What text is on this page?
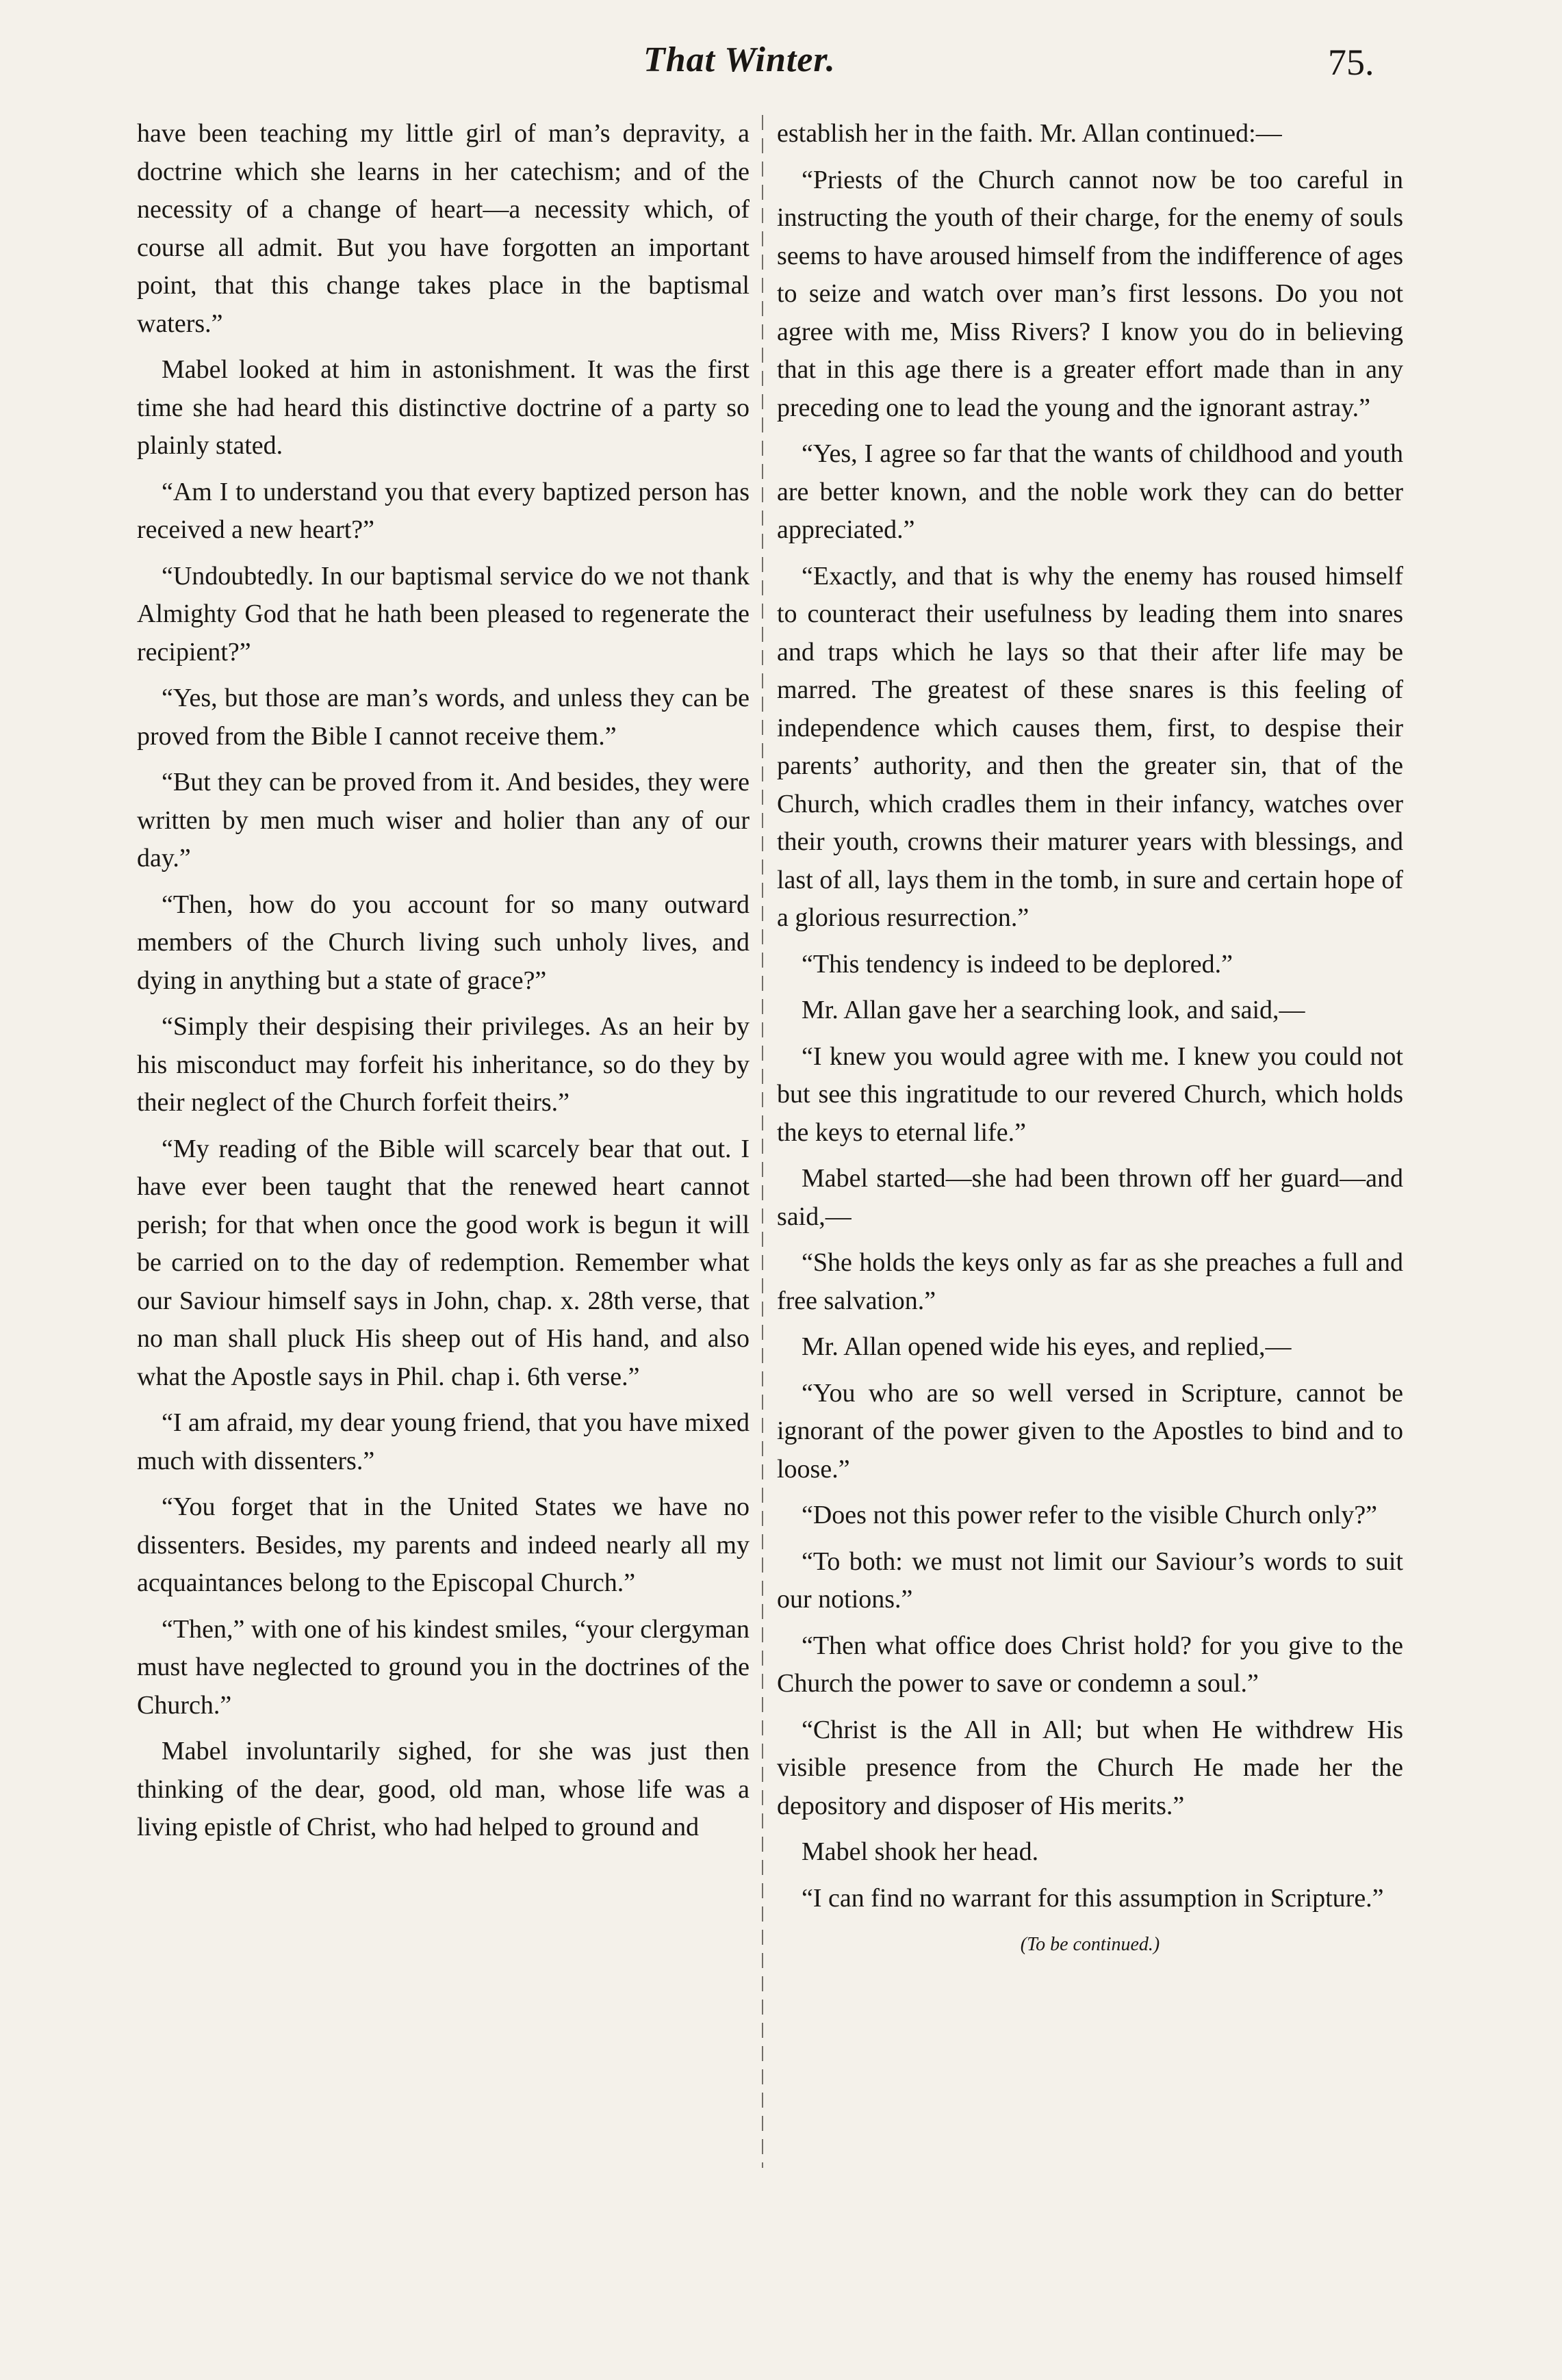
That Winter.	75.

have been teaching my little girl of man’s depravity, a doctrine which she learns in her catechism; and of the necessity of a change of heart—a necessity which, of course all admit. But you have forgotten an important point, that this change takes place in the baptismal waters.”

Mabel looked at him in astonishment. It was the first time she had heard this distinctive doctrine of a party so plainly stated.

“Am I to understand you that every baptized person has received a new heart?”

“Undoubtedly. In our baptismal service do we not thank Almighty God that he hath been pleased to regenerate the recipient?”

“Yes, but those are man’s words, and unless they can be proved from the Bible I cannot receive them.”

“But they can be proved from it. And besides, they were written by men much wiser and holier than any of our day.”

“Then, how do you account for so many outward members of the Church living such unholy lives, and dying in anything but a state of grace?”

“Simply their despising their privileges. As an heir by his misconduct may forfeit his inheritance, so do they by their neglect of the Church forfeit theirs.”

“My reading of the Bible will scarcely bear that out. I have ever been taught that the renewed heart cannot perish; for that when once the good work is begun it will be carried on to the day of redemption. Remember what our Saviour himself says in John, chap. x. 28th verse, that no man shall pluck His sheep out of His hand, and also what the Apostle says in Phil. chap i. 6th verse.”

“I am afraid, my dear young friend, that you have mixed much with dissenters.”

“You forget that in the United States we have no dissenters. Besides, my parents and indeed nearly all my acquaintances belong to the Episcopal Church.”

“Then,” with one of his kindest smiles, “your clergyman must have neglected to ground you in the doctrines of the Church.”

Mabel involuntarily sighed, for she was just then thinking of the dear, good, old man, whose life was a living epistle of Christ, who had helped to ground and

establish her in the faith. Mr. Allan continued:—

“Priests of the Church cannot now be too careful in instructing the youth of their charge, for the enemy of souls seems to have aroused himself from the indifference of ages to seize and watch over man’s first lessons. Do you not agree with me, Miss Rivers? I know you do in believing that in this age there is a greater effort made than in any preceding one to lead the young and the ignorant astray.”

“Yes, I agree so far that the wants of childhood and youth are better known, and the noble work they can do better appreciated.”

“Exactly, and that is why the enemy has roused himself to counteract their usefulness by leading them into snares and traps which he lays so that their after life may be marred. The greatest of these snares is this feeling of independence which causes them, first, to despise their parents’ authority, and then the greater sin, that of the Church, which cradles them in their infancy, watches over their youth, crowns their maturer years with blessings, and last of all, lays them in the tomb, in sure and certain hope of a glorious resurrection.”

“This tendency is indeed to be deplored.”

Mr. Allan gave her a searching look, and said,—

“I knew you would agree with me. I knew you could not but see this ingratitude to our revered Church, which holds the keys to eternal life.”

Mabel started—she had been thrown off her guard—and said,—

“She holds the keys only as far as she preaches a full and free salvation.”

Mr. Allan opened wide his eyes, and replied,—

“You who are so well versed in Scripture, cannot be ignorant of the power given to the Apostles to bind and to loose.”

“Does not this power refer to the visible Church only?”

“To both: we must not limit our Saviour’s words to suit our notions.”

“Then what office does Christ hold? for you give to the Church the power to save or condemn a soul.”

“Christ is the All in All; but when He withdrew His visible presence from the Church He made her the depository and disposer of His merits.”

Mabel shook her head.

“I can find no warrant for this assumption in Scripture.”

(To be continued.)
